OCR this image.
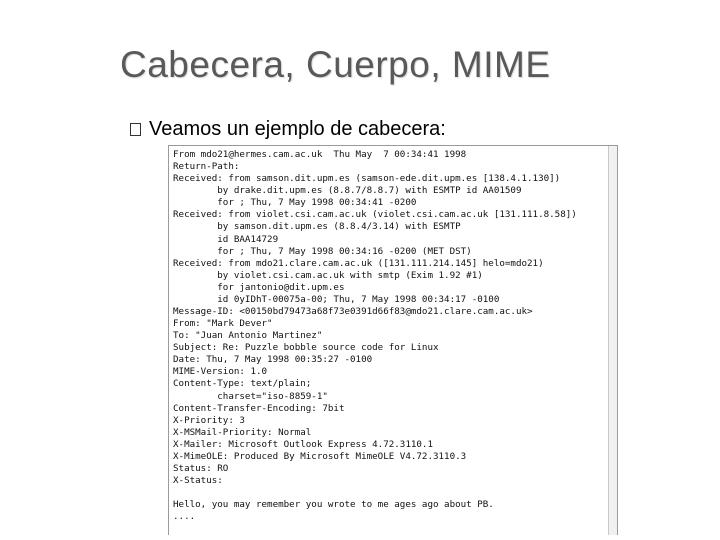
Cabecera, Cuerpo, MIME
Veamos un ejemplo de cabecera:
From mdo21@hermes.cam.ac.uk  Thu May  7 00:34:41 1998
Return-Path:
Received: from samson.dit.upm.es (samson-ede.dit.upm.es [138.4.1.130])
by drake.dit.upm.es (8.8.7/8.8.7) with ESMTP id AA01509
for ; Thu, 7 May 1998 00:34:41 -0200
Received: from violet.csi.cam.ac.uk (violet.csi.cam.ac.uk [131.111.8.58])
by samson.dit.upm.es (8.8.4/3.14) with ESMTP
id BAA14729
for ; Thu, 7 May 1998 00:34:16 -0200 (MET DST)
Received: from mdo21.clare.cam.ac.uk ([131.111.214.145] helo=mdo21)
by violet.csi.cam.ac.uk with smtp (Exim 1.92 #1)
for jantonio@dit.upm.es
id 0yIDhT-00075a-00; Thu, 7 May 1998 00:34:17 -0100
Message-ID: <00150bd79473a68f73e0391d66f83@mdo21.clare.cam.ac.uk>
From: "Mark Dever"
To: "Juan Antonio Martinez"
Subject: Re: Puzzle bobble source code for Linux
Date: Thu, 7 May 1998 00:35:27 -0100
MIME-Version: 1.0
Content-Type: text/plain;
charset="iso-8859-1"
Content-Transfer-Encoding: 7bit
X-Priority: 3
X-MSMail-Priority: Normal
X-Mailer: Microsoft Outlook Express 4.72.3110.1
X-MimeOLE: Produced By Microsoft MimeOLE V4.72.3110.3
Status: RO
X-Status:

Hello, you may remember you wrote to me ages ago about PB.
....
